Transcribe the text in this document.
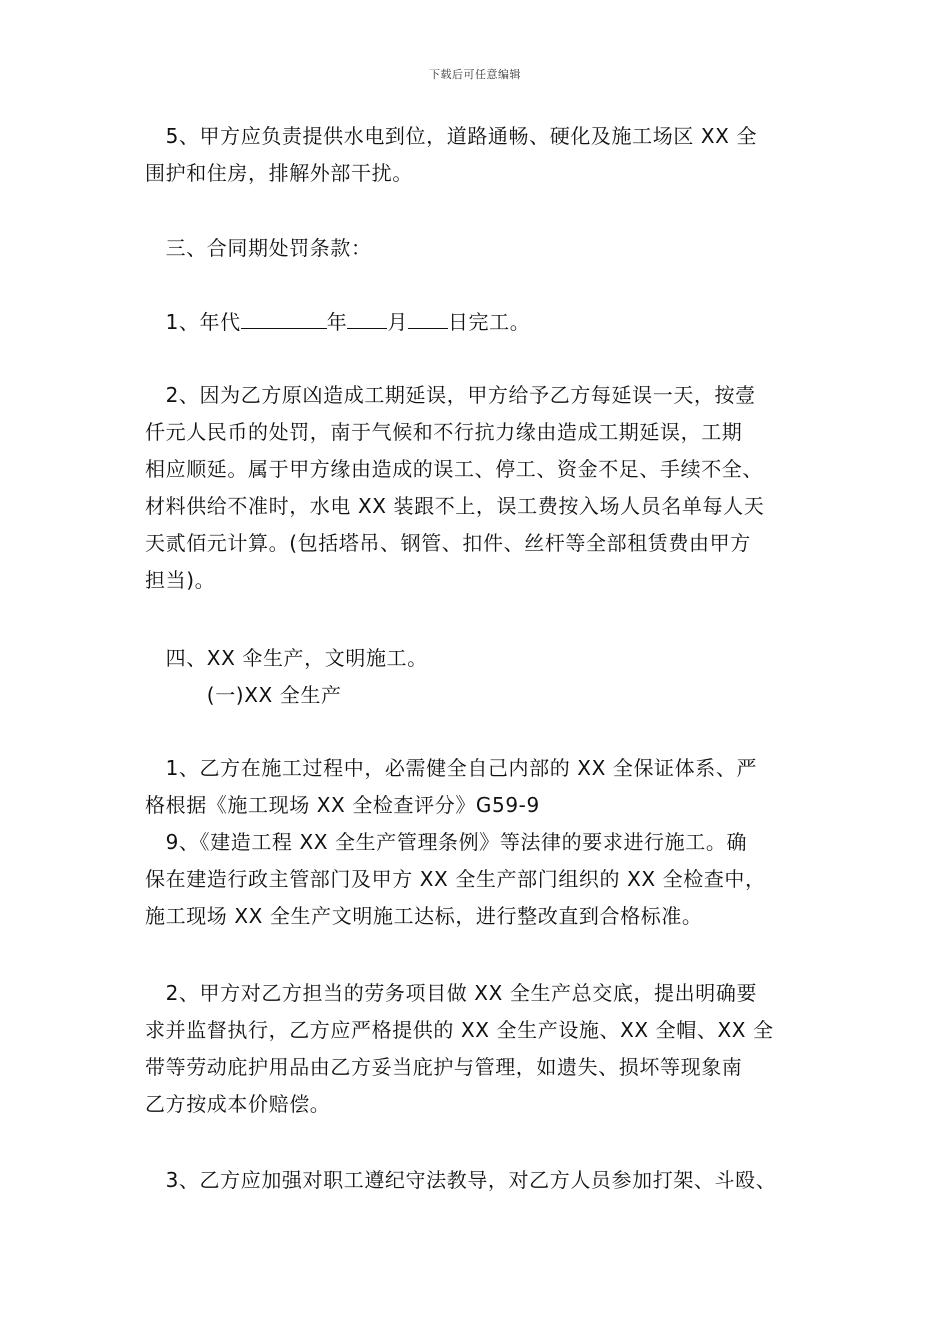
下载后可任意编辑
　5、甲方应负责提供水电到位，道路通畅、硬化及施工场区 XX 全
围护和住房，排解外部干扰。
　三、合同期处罚条款：
　1、年代	年 月 日完工。
　2、因为乙方原凶造成工期延误，甲方给予乙方每延误一天，按壹
仟元人民币的处罚，南于气候和不行抗力缘由造成工期延误，工期
相应顺延。属于甲方缘由造成的误工、停工、资金不足、手续不全、
材料供给不准时，水电 XX 装跟不上，误工费按入场人员名单每人天
天贰佰元计算。(包括塔吊、钢管、扣件、丝杆等全部租赁费由甲方
担当)。
　四、XX 伞生产，文明施工。
　　　(一)XX 全生产
　1、乙方在施工过程中，必需健全自己内部的 XX 全保证体系、严
格根据《施工现场 XX 全检查评分》G59-9
　9、《建造工程 XX 全生产管理条例》等法律的要求进行施工。确
保在建造行政主管部门及甲方 XX 全生产部门组织的 XX 全检查中，
施工现场 XX 全生产文明施工达标，进行整改直到合格标准。
　2、甲方对乙方担当的劳务项目做 XX 全生产总交底，提出明确要
求并监督执行，乙方应严格提供的 XX 全生产设施、XX 全帽、XX 全
带等劳动庇护用品由乙方妥当庇护与管理，如遗失、损坏等现象南
乙方按成本价赔偿。
　3、乙方应加强对职工遵纪守法教导，对乙方人员参加打架、斗殴、
